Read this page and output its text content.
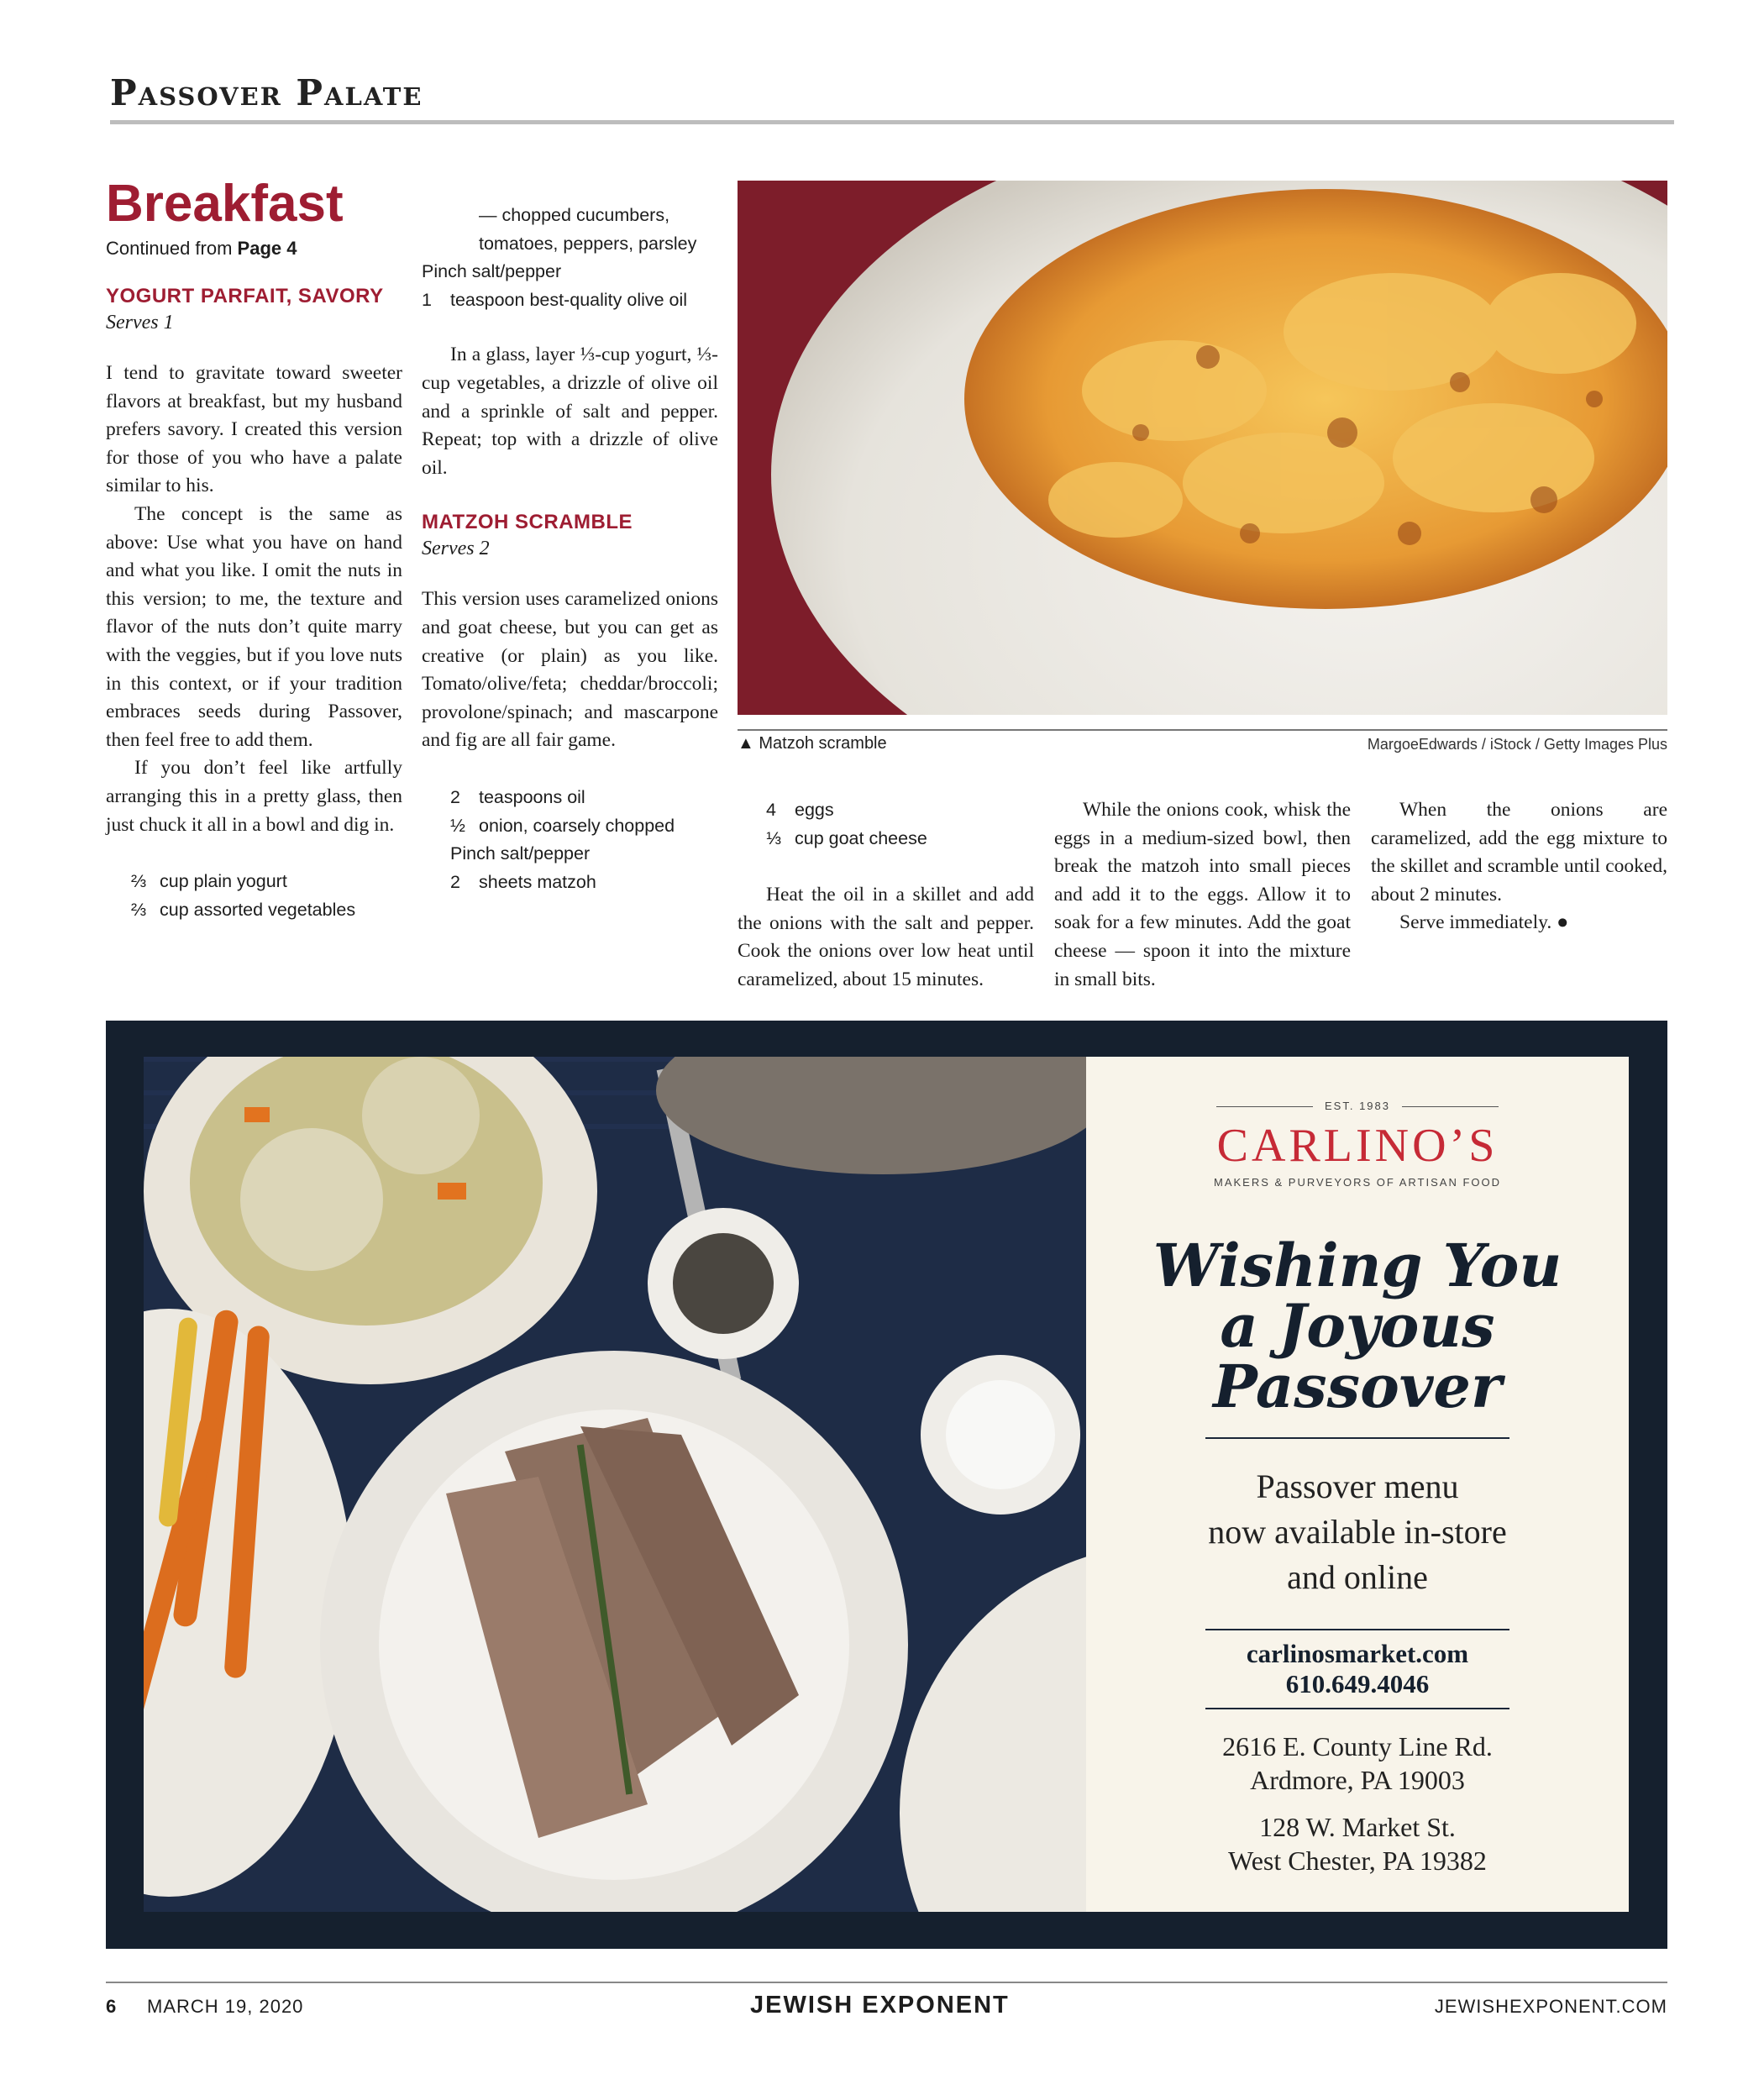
Passover Palate
Breakfast
Continued from Page 4
YOGURT PARFAIT, SAVORY
Serves 1

I tend to gravitate toward sweeter flavors at breakfast, but my husband prefers savory. I created this version for those of you who have a palate similar to his.

The concept is the same as above: Use what you have on hand and what you like. I omit the nuts in this version; to me, the texture and flavor of the nuts don’t quite marry with the veggies, but if you love nuts in this context, or if your tradition embraces seeds during Passover, then feel free to add them.

If you don’t feel like artfully arranging this in a pretty glass, then just chuck it all in a bowl and dig in.

⅔ cup plain yogurt
⅔ cup assorted vegetables
— chopped cucumbers, tomatoes, peppers, parsley
Pinch salt/pepper
1 teaspoon best-quality olive oil

In a glass, layer ⅓-cup yogurt, ⅓-cup vegetables, a drizzle of olive oil and a sprinkle of salt and pepper. Repeat; top with a drizzle of olive oil.

MATZOH SCRAMBLE
Serves 2

This version uses caramelized onions and goat cheese, but you can get as creative (or plain) as you like. Tomato/olive/feta; cheddar/broccoli; provolone/spinach; and mascarpone and fig are all fair game.

2 teaspoons oil
½ onion, coarsely chopped
Pinch salt/pepper
2 sheets matzoh
▲ Matzoh scramble	MargoeEdwards / iStock / Getty Images Plus
4 eggs
⅓ cup goat cheese

Heat the oil in a skillet and add the onions with the salt and pepper. Cook the onions over low heat until caramelized, about 15 minutes.

While the onions cook, whisk the eggs in a medium-sized bowl, then break the matzoh into small pieces and add it to the eggs. Allow it to soak for a few minutes. Add the goat cheese — spoon it into the mixture in small bits.

When the onions are caramelized, add the egg mixture to the skillet and scramble until cooked, about 2 minutes.

Serve immediately. ●

EST. 1983
CARLINO’S
MAKERS & PURVEYORS OF ARTISAN FOOD
Wishing You
a Joyous
Passover
Passover menu
now available in-store
and online
carlinosmarket.com
610.649.4046
2616 E. County Line Rd.
Ardmore, PA 19003
128 W. Market St.
West Chester, PA 19382
6 MARCH 19, 2020	JEWISH EXPONENT	JEWISHEXPONENT.COM
